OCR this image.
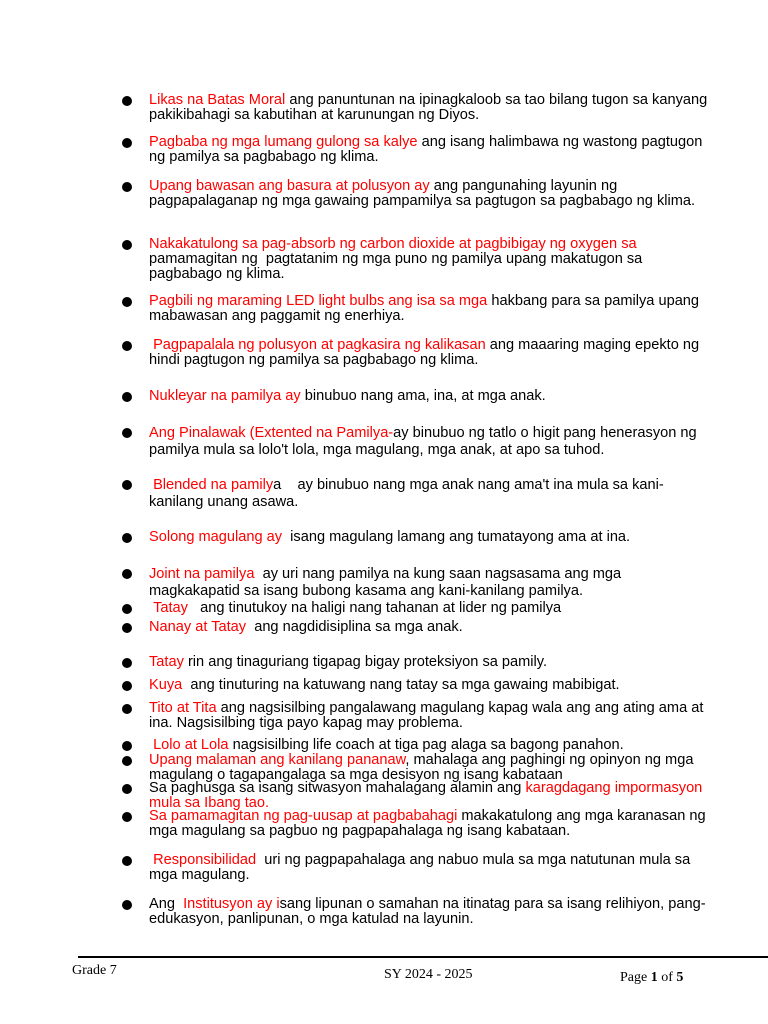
Likas na Batas Moral ang panuntunan na ipinagkaloob sa tao bilang tugon sa kanyang pakikibahagi sa kabutihan at karunungan ng Diyos.
Pagbaba ng mga lumang gulong sa kalye ang isang halimbawa ng wastong pagtugon ng pamilya sa pagbabago ng klima.
Upang bawasan ang basura at polusyon ay ang pangunahing layunin ng pagpapalaganap ng mga gawaing pampamilya sa pagtugon sa pagbabago ng klima.
Nakakatulong sa pag-absorb ng carbon dioxide at pagbibigay ng oxygen sa pamamagitan ng  pagtatanim ng mga puno ng pamilya upang makatugon sa pagbabago ng klima.
Pagbili ng maraming LED light bulbs ang isa sa mga hakbang para sa pamilya upang mabawasan ang paggamit ng enerhiya.
Pagpapalala ng polusyon at pagkasira ng kalikasan ang maaaring maging epekto ng hindi pagtugon ng pamilya sa pagbabago ng klima.
Nukleyar na pamilya ay binubuo nang ama, ina, at mga anak.
Ang Pinalawak (Extented na Pamilya-ay binubuo ng tatlo o higit pang henerasyon ng pamilya mula sa lolo't lola, mga magulang, mga anak, at apo sa tuhod.
Blended na pamilya    ay binubuo nang mga anak nang ama't ina mula sa kani-kanilang unang asawa.
Solong magulang ay  isang magulang lamang ang tumatayong ama at ina.
Joint na pamilya  ay uri nang pamilya na kung saan nagsasama ang mga magkakapatid sa isang bubong kasama ang kani-kanilang pamilya.
Tatay   ang tinutukoy na haligi nang tahanan at lider ng pamilya
Nanay at Tatay  ang nagdidisiplina sa mga anak.
Tatay rin ang tinaguriang tigapag bigay proteksiyon sa pamily.
Kuya  ang tinuturing na katuwang nang tatay sa mga gawaing mabibigat.
Tito at Tita ang nagsisilbing pangalawang magulang kapag wala ang ang ating ama at ina. Nagsisilbing tiga payo kapag may problema.
Lolo at Lola nagsisilbing life coach at tiga pag alaga sa bagong panahon.
Upang malaman ang kanilang pananaw, mahalaga ang paghingi ng opinyon ng mga magulang o tagapangalaga sa mga desisyon ng isang kabataan
Sa paghusga sa isang sitwasyon mahalagang alamin ang karagdagang impormasyon mula sa Ibang tao.
Sa pamamagitan ng pag-uusap at pagbabahagi makakatulong ang mga karanasan ng mga magulang sa pagbuo ng pagpapahalaga ng isang kabataan.
Responsibilidad  uri ng pagpapahalaga ang nabuo mula sa mga natutunan mula sa mga magulang.
Ang  Institusyon ay isang lipunan o samahan na itinatag para sa isang relihiyon, pang-edukasyon, panlipunan, o mga katulad na layunin.
Grade 7	SY 2024 - 2025	Page 1 of 5
